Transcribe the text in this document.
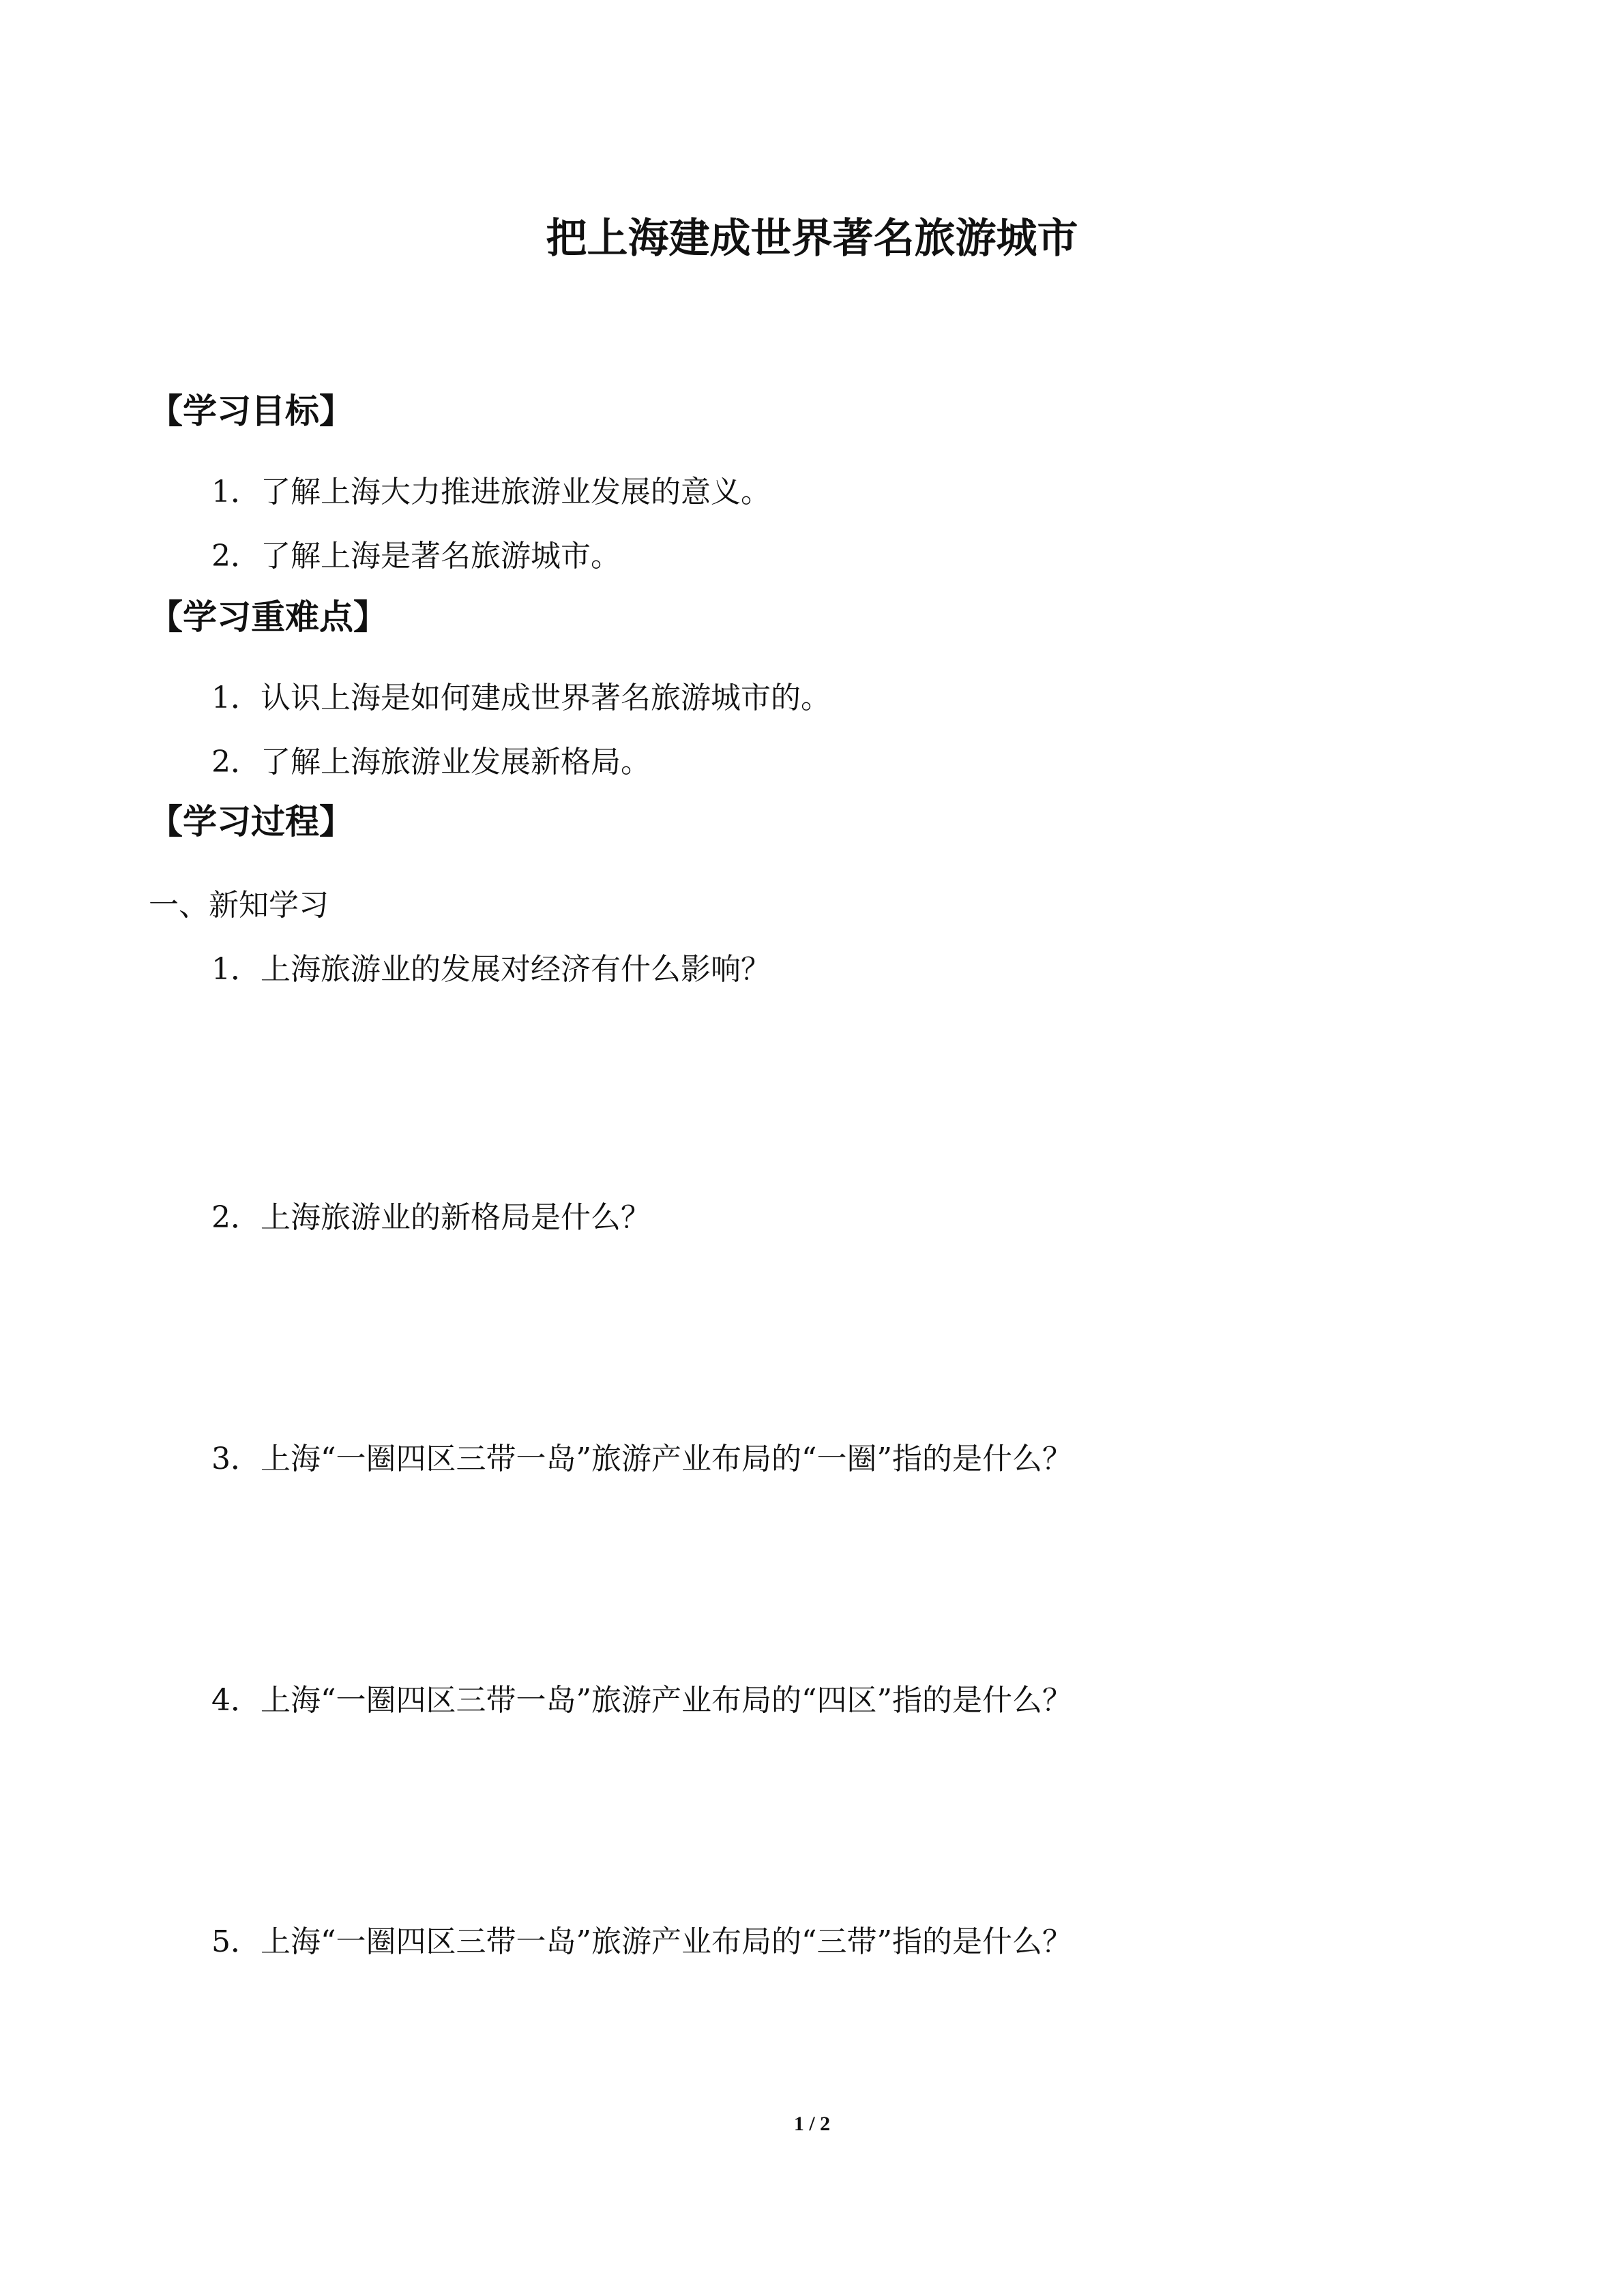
把上海建成世界著名旅游城市
【学习目标】

1．了解上海大力推进旅游业发展的意义。

2．了解上海是著名旅游城市。

【学习重难点】

1．认识上海是如何建成世界著名旅游城市的。

2．了解上海旅游业发展新格局。

【学习过程】

一、新知学习

1．上海旅游业的发展对经济有什么影响？

2．上海旅游业的新格局是什么？

3．上海“一圈四区三带一岛”旅游产业布局的“一圈”指的是什么？

4．上海“一圈四区三带一岛”旅游产业布局的“四区”指的是什么？

5．上海“一圈四区三带一岛”旅游产业布局的“三带”指的是什么？

1 / 2
